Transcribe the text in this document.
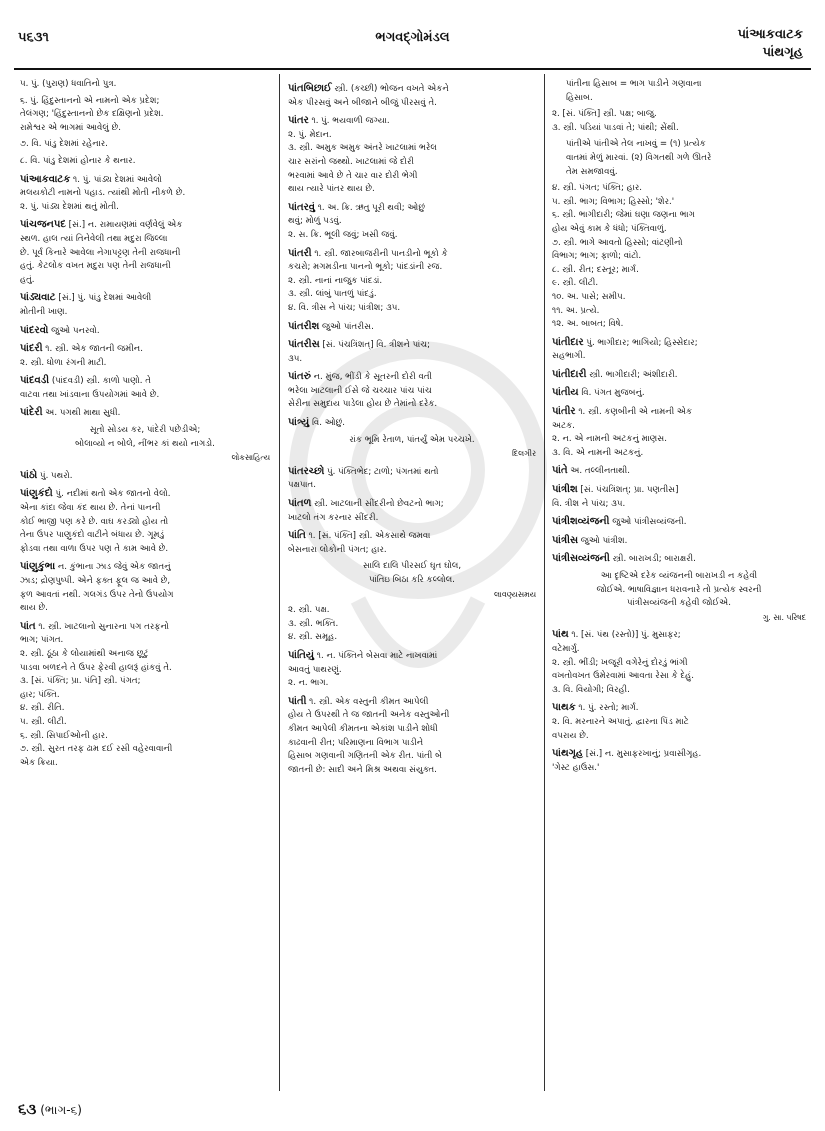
ભગવદ્ગોમંડલ
૫૬૩૧	પાંઆકવાટક
પાંથગૃહ
૫. પું. (પુરાણ) ધવાતિનો પુત્ર.
૬. પું. હિંદુસ્તાનનો એ નામનો એક પ્રદેશ;
તેલંગણ; 'હિંદુસ્તાનનો છેક દક્ષિણનો પ્રદેશ.
રામેશ્વર એ ભાગમાં આવેલું છે.
૭. વિ. પાંડુ દેશમાં રહેનાર.
૮. વિ. પાંડુ દેશમાં હોનાર કે થનાર.
પાંઆકવાટક ૧. પું. પાંડ્ય દેશમાં આવેલો
મલયકોટી નામનો પહાડ. ત્યાંથી મોતી નીકળે છે.
૨. પું. પાંડ્ય દેશમાં થતું મોતી.
પાંચજનપદ [સં.] ન. રામાયણમાં વર્ણવેલું એક
સ્થળ. હાલ ત્યાં તિનેવેલી તથા મદુરા જિલ્લા
છે. પૂર્વ કિનારે આવેલા નેગાપટ્ટણ તેની રાજધાની
હતું. કેટલોક વખત મદુરા પણ તેની રાજધાની
હતું.
પાંડ્યવાટ [સં.] પું. પાંડુ દેશમાં આવેલી
મોતીની ખાણ.
પાંદરવો જુઓ પનરવો.
પાંદરી ૧. સ્ત્રી. એક જાતની જમીન.
૨. સ્ત્રી. ધોળા રંગની માટી.
પાંદવડી (પાંદવડી) સ્ત્રી. કાળો પાણો. તે
વાટવા તથા ખાંડવાના ઉપયોગમાં આવે છે.
પાંદેરી અ. પગથી માથા સુધી.
સૂતો સોડય કર, પાંદેરી પછેડીએ;
બોલાવ્યો ન બોલે, નીંભર કાં થયો નાગડો.
લોકસાહિત્ય
પાંઠો પું. પથરો.
પાંણુકંદો પું. નદીમાં થતો એક જાતનો વેલો.
એના કાંદા જેવા કંદ થાય છે. તેનાં પાનની
કોઈ ભાજી પણ કરે છે. વાઘ કરડ્યો હોય તો
તેના ઉપર પાણુકંદો વાટીને બંધાય છે. ગૂમડું
ફોડવા તથા વાળા ઉપર પણ તે કામ આવે છે.
પાંણુકુંભા ન. કુંભાના ઝાડ જેવું એક જાતનું
ઝાડ; દ્રોણપુષ્પી. એને ફક્ત ફૂલ જ આવે છે,
ફળ આવતાં નથી. ગલગંડ ઉપર તેનો ઉપયોગ
થાય છે.
પાંત ૧. સ્ત્રી. ખાટલાનો સુનારના પગ તરફનો
ભાગ; પાંગત.
૨. સ્ત્રી. ઠૂંઠા કે લોયામાંથી અનાજ છૂટું
પાડવા બળદને તે ઉપર ફેરવી હાલરૂં હાંકવું તે.
૩. [સં. પંક્તિ; પ્રા. પંતિ] સ્ત્રી. પંગત;
હાર; પંક્તિ.
૪. સ્ત્રી. રીતિ.
૫. સ્ત્રી. લીટી.
૬. સ્ત્રી. સિપાઈઓની હાર.
૭. સ્ત્રી. સુરત તરફ ઢામ દઈ રસી વહેરવાવાની
એક ક્રિયા.
પાંતબિછાઈ સ્ત્રી. (કચ્છી) ભોજન વખતે એકને
એક પીરસવું અને બીજાને બીજું પીરસવું તે.
પાંતર ૧. પું. ભયવાળી જગ્યા.
૨. પું. મેદાન.
૩. સ્ત્રી. અમુક અમુક અંતરે ખાટલામાં ભરેલ
ચાર સરાંનો જથ્થો. ખાટલામાં જે દોરી
ભરવામાં આવે છે તે ચાર વાર દોરી ભેગી
થાય ત્યારે પાંતર થાય છે.
પાંતરવું ૧. અ. ક્રિ. ઋતુ પૂરી થવી; ઓછું
થવું; મોળું પડવું.
૨. સ. ક્રિ. ભૂલી જવું; ખસી જવું.
પાંતરી ૧. સ્ત્રી. જારબાજરીની પાનડીનો ભૂકો કે
કચરો; મગમડીના પાનનો ભૂકો; પાંદડાંની રજ.
૨. સ્ત્રી. નાનાં નાજુક પાંદડાં.
૩. સ્ત્રી. લાંબું પાતળું પાંદડું.
૪. વિ. ત્રીસ ને પાંચ; પાંત્રીશ; ૩૫.
પાંતરીશ જુઓ પાંતરીસ.
પાંતરીસ [સં. પંચત્રિંશત્] વિ. ત્રીશને પાંચ;
૩૫.
પાંતરું ન. મુંજ, ભીંડી કે સૂતરની દોરી વતી
ભરેલા ખાટલાની ઈસે જે ચચ્ચાર પાંચ પાંચ
સેરીના સમુદાય પાડેલા હોય છે તેમાંનો દરેક.
પાંત્ર્યું વિ. ઓછું.
રાંક ભૂમિ રેતાળ, પાંતર્યું એમ પચ્ચખે.
દિલગીર
પાંતરચ્છો પું. પંક્તિભેદ; ટાળો; પંગતમાં થતો
પક્ષપાત.
પાંતળ સ્ત્રી. ખાટલાની સીંદરીનો છેવટનો ભાગ;
ખાટલો તંગ કરનાર સીંદરી.
પાંતિ ૧. [સં. પંક્તિ] સ્ત્રી. એકસાથે જમવા
બેસનારા લોકોની પંગત; હાર.
સાલિ દાલિ પીરસઈ ઘૃત ઘોલ,
પાંતિઇ બિઠા કરિ કલ્લોલ.
લાવણ્યસમય
૨. સ્ત્રી. પક્ષ.
૩. સ્ત્રી. ભક્તિ.
૪. સ્ત્રી. સમૂહ.
પાંતિયું ૧. ન. પંક્તિને બેસવા માટે નાખવામાં
આવતું પાથરણું.
૨. ન. ભાગ.
પાંતી ૧. સ્ત્રી. એક વસ્તુની કીમત આપેલી
હોય તે ઉપરથી તે જ જાતની અનેક વસ્તુઓની
કીમત આપેલી કીમતના એકાંશ પાડીને શોધી
કાઢવાની રીત; પરિમાણના વિભાગ પાડીને
હિસાબ ગણવાની ગણિતની એક રીત. પાંતી બે
જાતની છે: સાદી અને મિશ્ર અથવા સંયુક્ત.
પાંતીના હિસાબ = ભાગ પાડીને ગણવાના
હિસાબ.
૨. [સં. પંક્તિ] સ્ત્રી. પક્ષ; બાજુ.
૩. સ્ત્રી. પડિયાં પાડવાં તે; પાંથી; સેંથી.
પાંતીએ પાંતીએ તેલ નાખવું = (૧) પ્રત્યેક
વાતમાં મેળું મારવાં. (૨) વિગતથી ગળે ઊતરે
તેમ સમજાવવું.
૪. સ્ત્રી. પંગત; પંક્તિ; હાર.
૫. સ્ત્રી. ભાગ; વિભાગ; હિસ્સો; 'શેર.'
૬. સ્ત્રી. ભાગીદારી; જેમાં ઘણા જણના ભાગ
હોય એવું કામ કે ધંધો; પંક્તિવાળું.
૭. સ્ત્રી. ભાગે આવતો હિસ્સો; વાંટણીનો
વિભાગ; ભાગ; ફાળો; વાંટો.
૮. સ્ત્રી. રીત; દસ્તૂર; માર્ગ.
૯. સ્ત્રી. લીટી.
૧૦. અ. પાસે; સમીપ.
૧૧. અ. પ્રત્યે.
૧૨. અ. બાબત; વિષે.
પાંતીદાર પું. ભાગીદાર; ભાગિયો; હિસ્સેદાર;
સહભાગી.
પાંતીદારી સ્ત્રી. ભાગીદારી; અંશીદારી.
પાંતીય વિ. પંગત મુજબનું.
પાંતીર ૧. સ્ત્રી. કણબીની એ નામની એક
અટક.
૨. ન. એ નામની અટકનું માણસ.
૩. વિ. એ નામની અટકનું.
પાંતે અ. તલ્લીનતાથી.
પાંત્રીશ [સં. પંચત્રિંશત્; પ્રા. પણતીસ]
વિ. ત્રીશ ને પાંચ; ૩૫.
પાંત્રીશવ્યંજની જુઓ પાંત્રીસવ્યંજની.
પાંત્રીસ જુઓ પાંત્રીશ.
પાંત્રીસવ્યંજની સ્ત્રી. બારાખડી; બારાક્ષરી.
આ દૃષ્ટિએ દરેક વ્યંજનની બારાખડી ન કહેવી
જોઈએ. ભાષાવિજ્ઞાન ધરાવનારે તો પ્રત્યેક સ્વરની
પાંત્રીસવ્યંજની કહેવી જોઈએ.
ગુ. સા. પરિષદ
પાંથ ૧. [સં. પંથ (રસ્તો)] પું. મુસાફર;
વટેમાર્ગુ.
૨. સ્ત્રી. ભીંડી; ખજૂરી વગેરેનું દોરડું ભાંગી
વખતોવખત ઉમેરવામાં આવતા રેસા કે દેહું.
૩. વિ. વિયોગી; વિરહી.
પાથક ૧. પું. રસ્તો; માર્ગ.
૨. વિ. મરનારને અપાતું. દ્વારના પિંડ માટે
વપરાય છે.
પાંથગૃહ [સં.] ન. મુસાફરખાનું; પ્રવાસીગૃહ.
'ગેસ્ટ હાઉસ.'
૬૩ (ભાગ-૬)
